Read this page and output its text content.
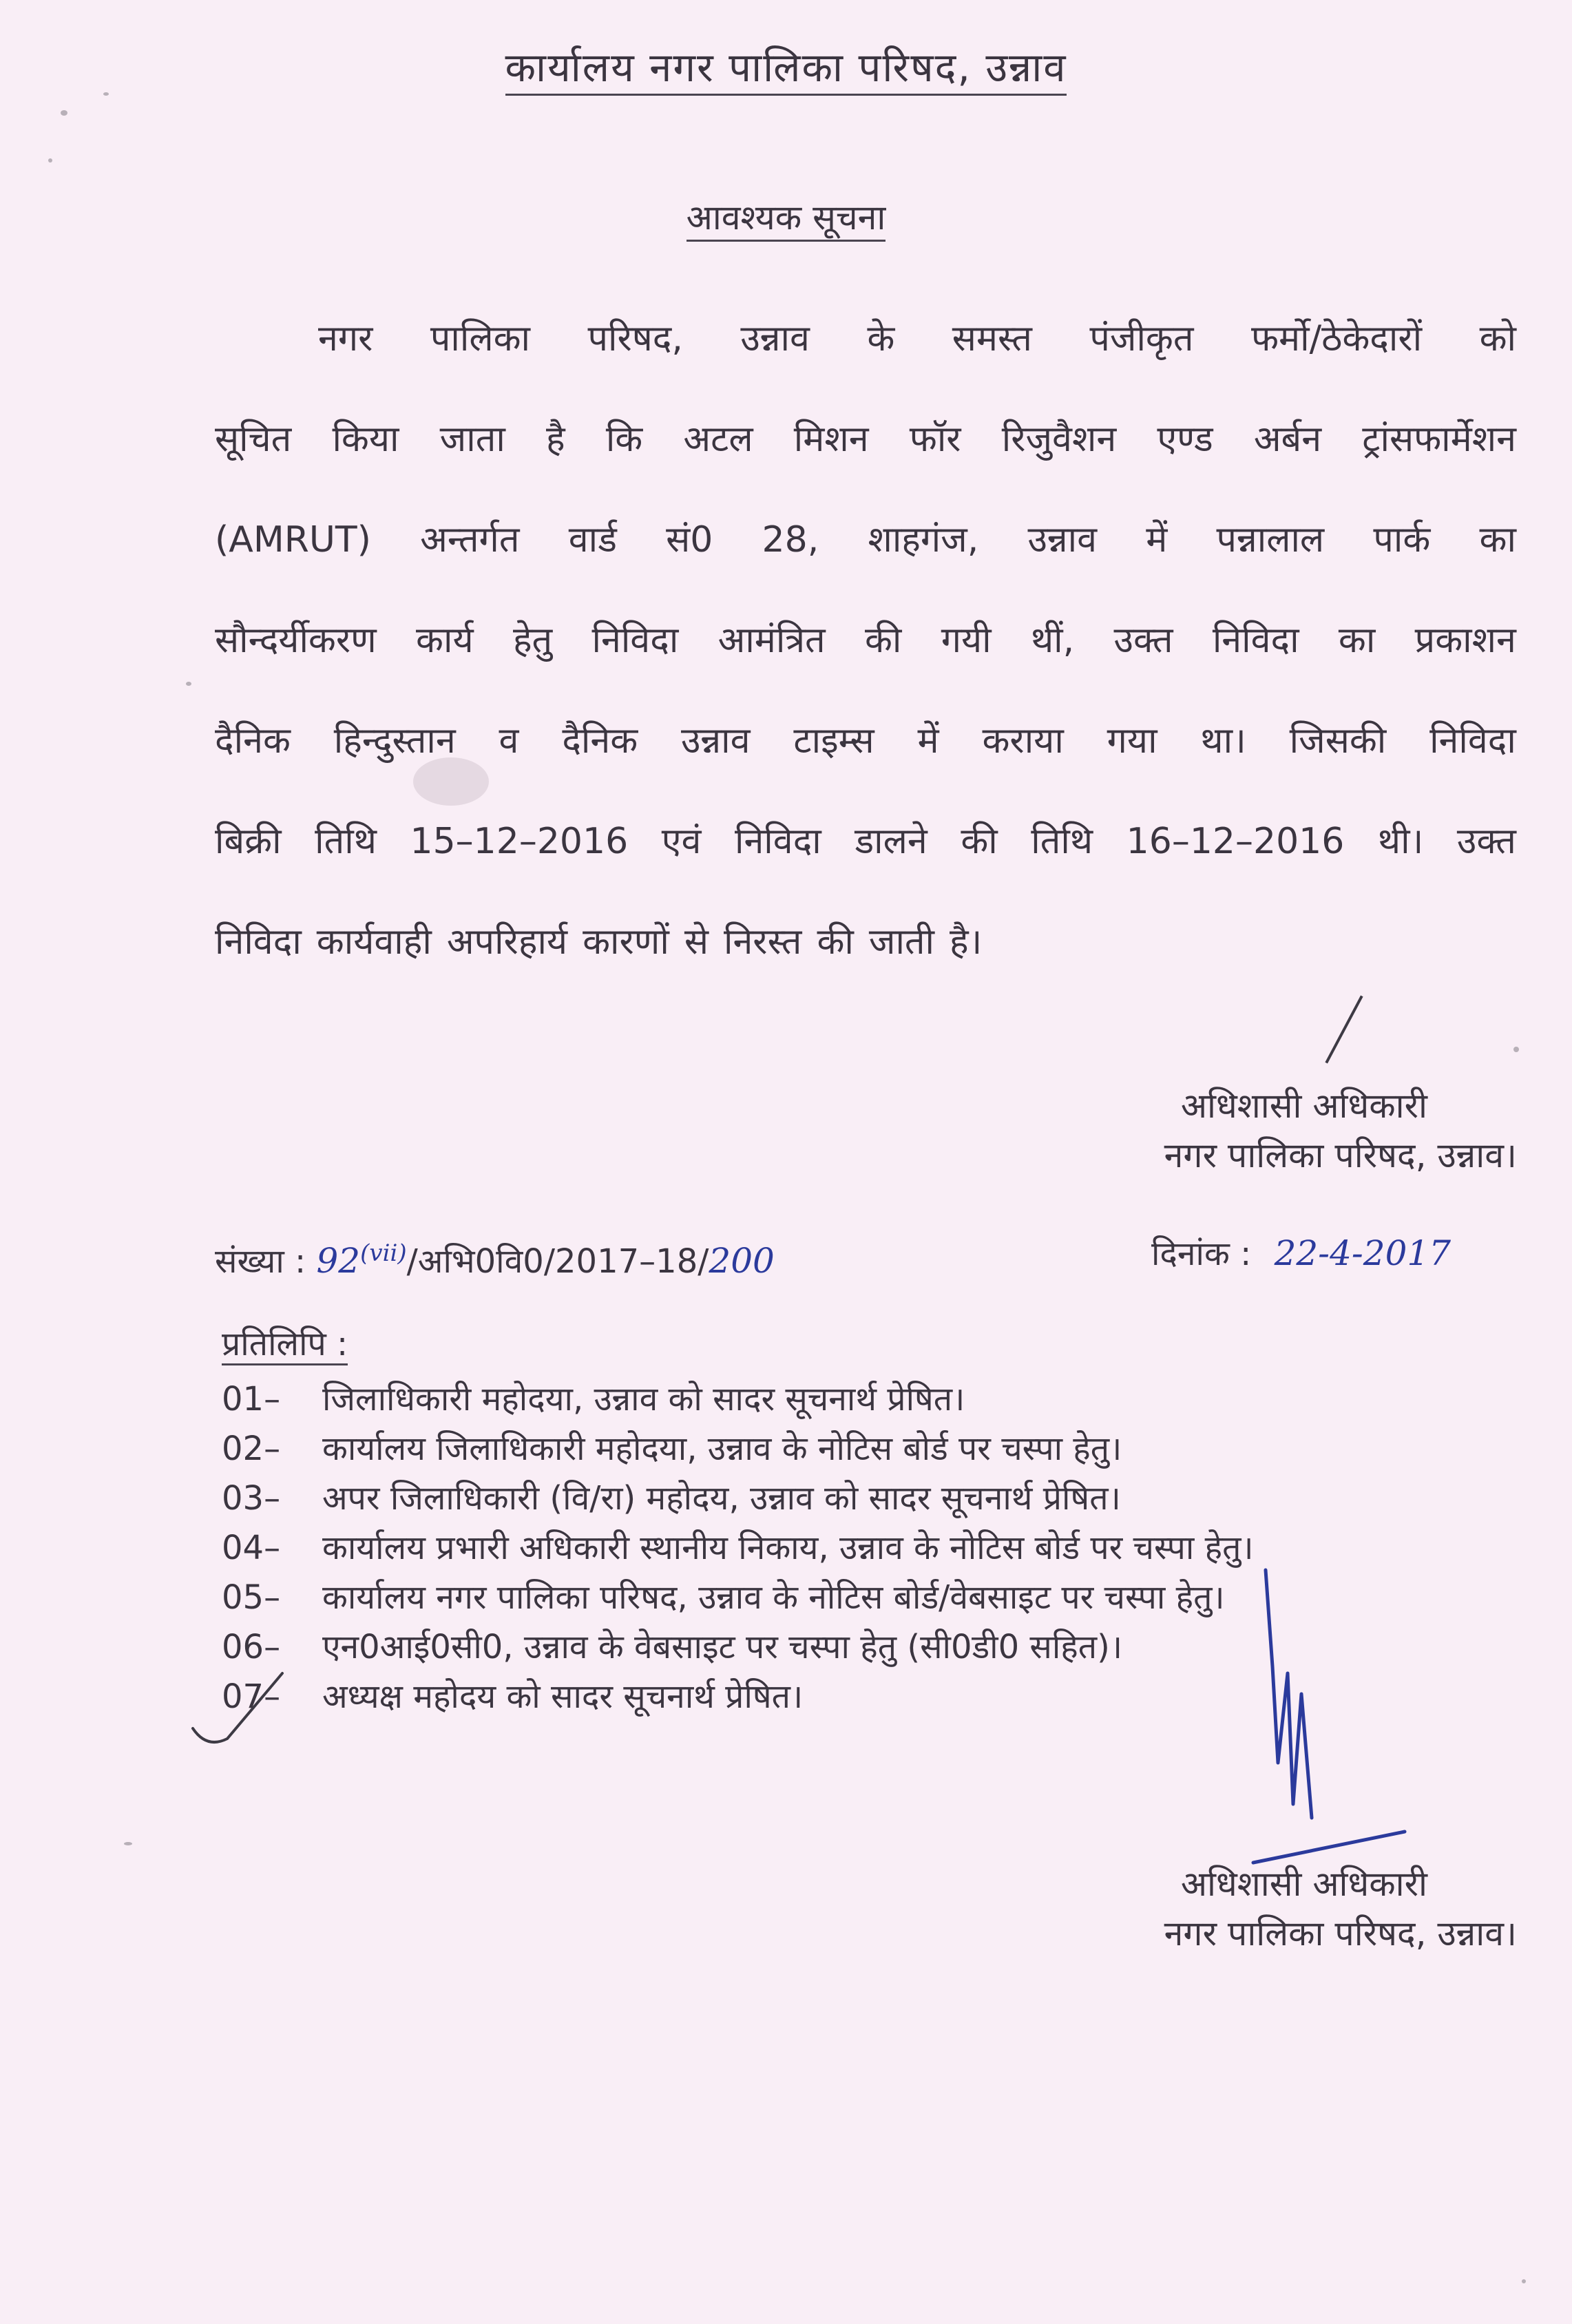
कार्यालय नगर पालिका परिषद, उन्नाव
आवश्यक सूचना
नगर पालिका परिषद, उन्नाव के समस्त पंजीकृत फर्मो/ठेकेदारों को
सूचित किया जाता है कि अटल मिशन फॉर रिजुवैशन एण्ड अर्बन ट्रांसफार्मेशन
(AMRUT) अन्तर्गत वार्ड सं0 28, शाहगंज, उन्नाव में पन्नालाल पार्क का
सौन्दर्यीकरण कार्य हेतु निविदा आमंत्रित की गयी थीं, उक्त निविदा का प्रकाशन
दैनिक हिन्दुस्तान व दैनिक उन्नाव टाइम्स में कराया गया था। जिसकी निविदा
बिक्री तिथि 15–12–2016 एवं निविदा डालने की तिथि 16–12–2016 थी। उक्त
निविदा कार्यवाही अपरिहार्य कारणों से निरस्त की जाती है।
अधिशासी अधिकारी
नगर पालिका परिषद, उन्नाव।
संख्या : 92$^{(vii)}$/अभि0वि0/2017–18/200	दिनांक : 22-4-2017
प्रतिलिपि :
01–	जिलाधिकारी महोदया, उन्नाव को सादर सूचनार्थ प्रेषित।
02–	कार्यालय जिलाधिकारी महोदया, उन्नाव के नोटिस बोर्ड पर चस्पा हेतु।
03–	अपर जिलाधिकारी (वि/रा) महोदय, उन्नाव को सादर सूचनार्थ प्रेषित।
04–	कार्यालय प्रभारी अधिकारी स्थानीय निकाय, उन्नाव के नोटिस बोर्ड पर चस्पा हेतु।
05–	कार्यालय नगर पालिका परिषद, उन्नाव के नोटिस बोर्ड/वेबसाइट पर चस्पा हेतु।
06–	एन0आई0सी0, उन्नाव के वेबसाइट पर चस्पा हेतु (सी0डी0 सहित)।
07–	अध्यक्ष महोदय को सादर सूचनार्थ प्रेषित।
अधिशासी अधिकारी
नगर पालिका परिषद, उन्नाव।
